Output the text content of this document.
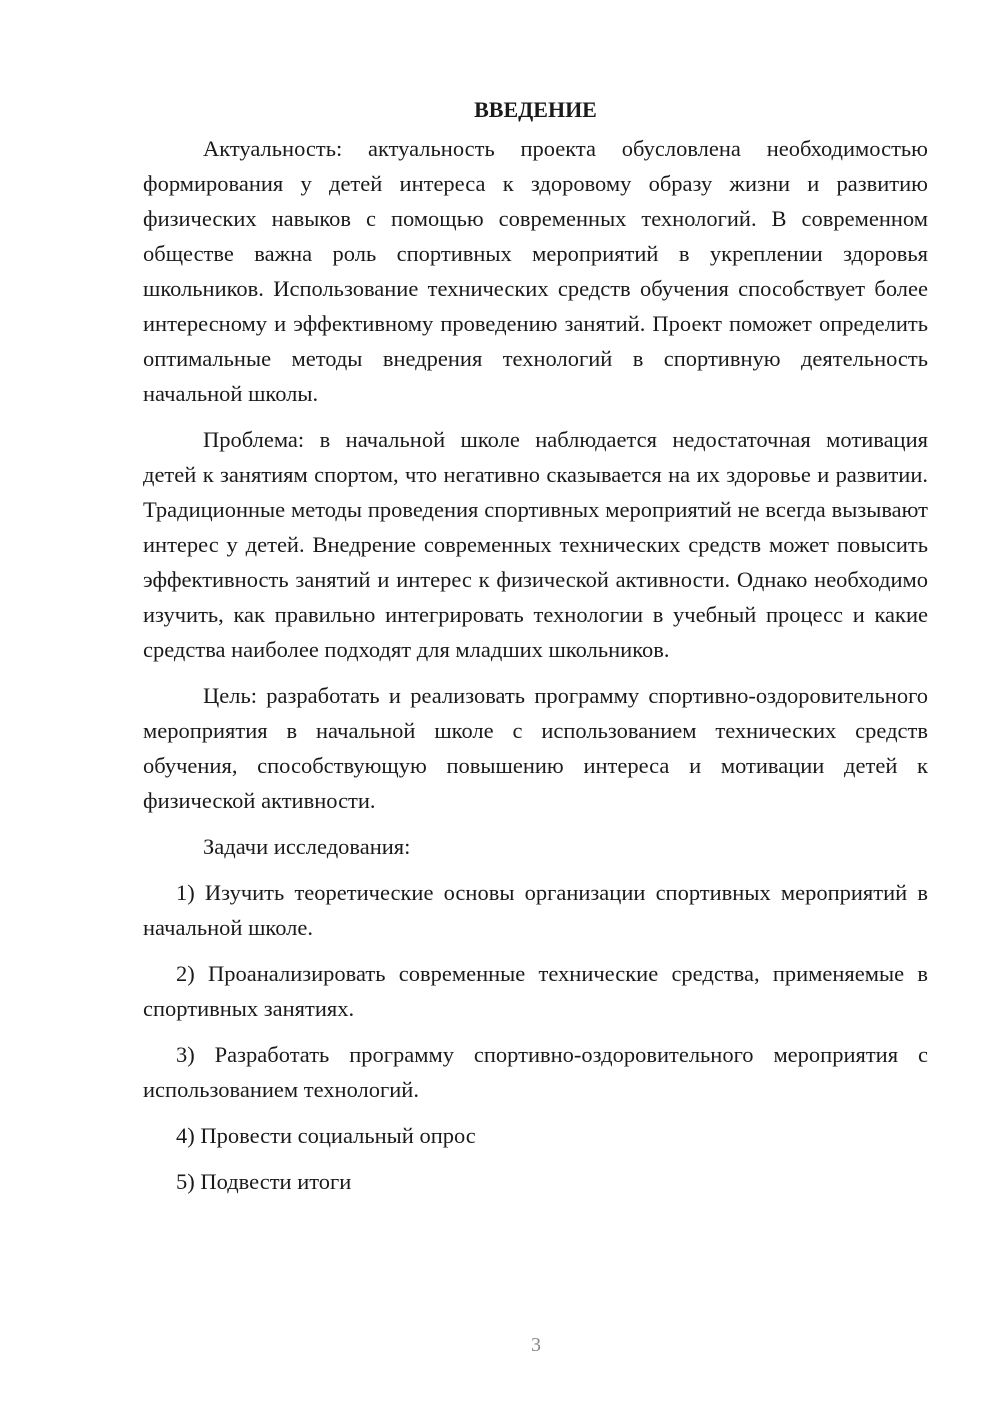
ВВЕДЕНИЕ

Актуальность: актуальность проекта обусловлена необходимостью формирования у детей интереса к здоровому образу жизни и развитию физических навыков с помощью современных технологий. В современном обществе важна роль спортивных мероприятий в укреплении здоровья школьников. Использование технических средств обучения способствует более интересному и эффективному проведению занятий. Проект поможет определить оптимальные методы внедрения технологий в спортивную деятельность начальной школы.

Проблема: в начальной школе наблюдается недостаточная мотивация детей к занятиям спортом, что негативно сказывается на их здоровье и развитии. Традиционные методы проведения спортивных мероприятий не всегда вызывают интерес у детей. Внедрение современных технических средств может повысить эффективность занятий и интерес к физической активности. Однако необходимо изучить, как правильно интегрировать технологии в учебный процесс и какие средства наиболее подходят для младших школьников.

Цель: разработать и реализовать программу спортивно-оздоровительного мероприятия в начальной школе с использованием технических средств обучения, способствующую повышению интереса и мотивации детей к физической активности.

Задачи исследования:

1) Изучить теоретические основы организации спортивных мероприятий в начальной школе.

2) Проанализировать современные технические средства, применяемые в спортивных занятиях.

3) Разработать программу спортивно-оздоровительного мероприятия с использованием технологий.

4) Провести социальный опрос

5) Подвести итоги

3
